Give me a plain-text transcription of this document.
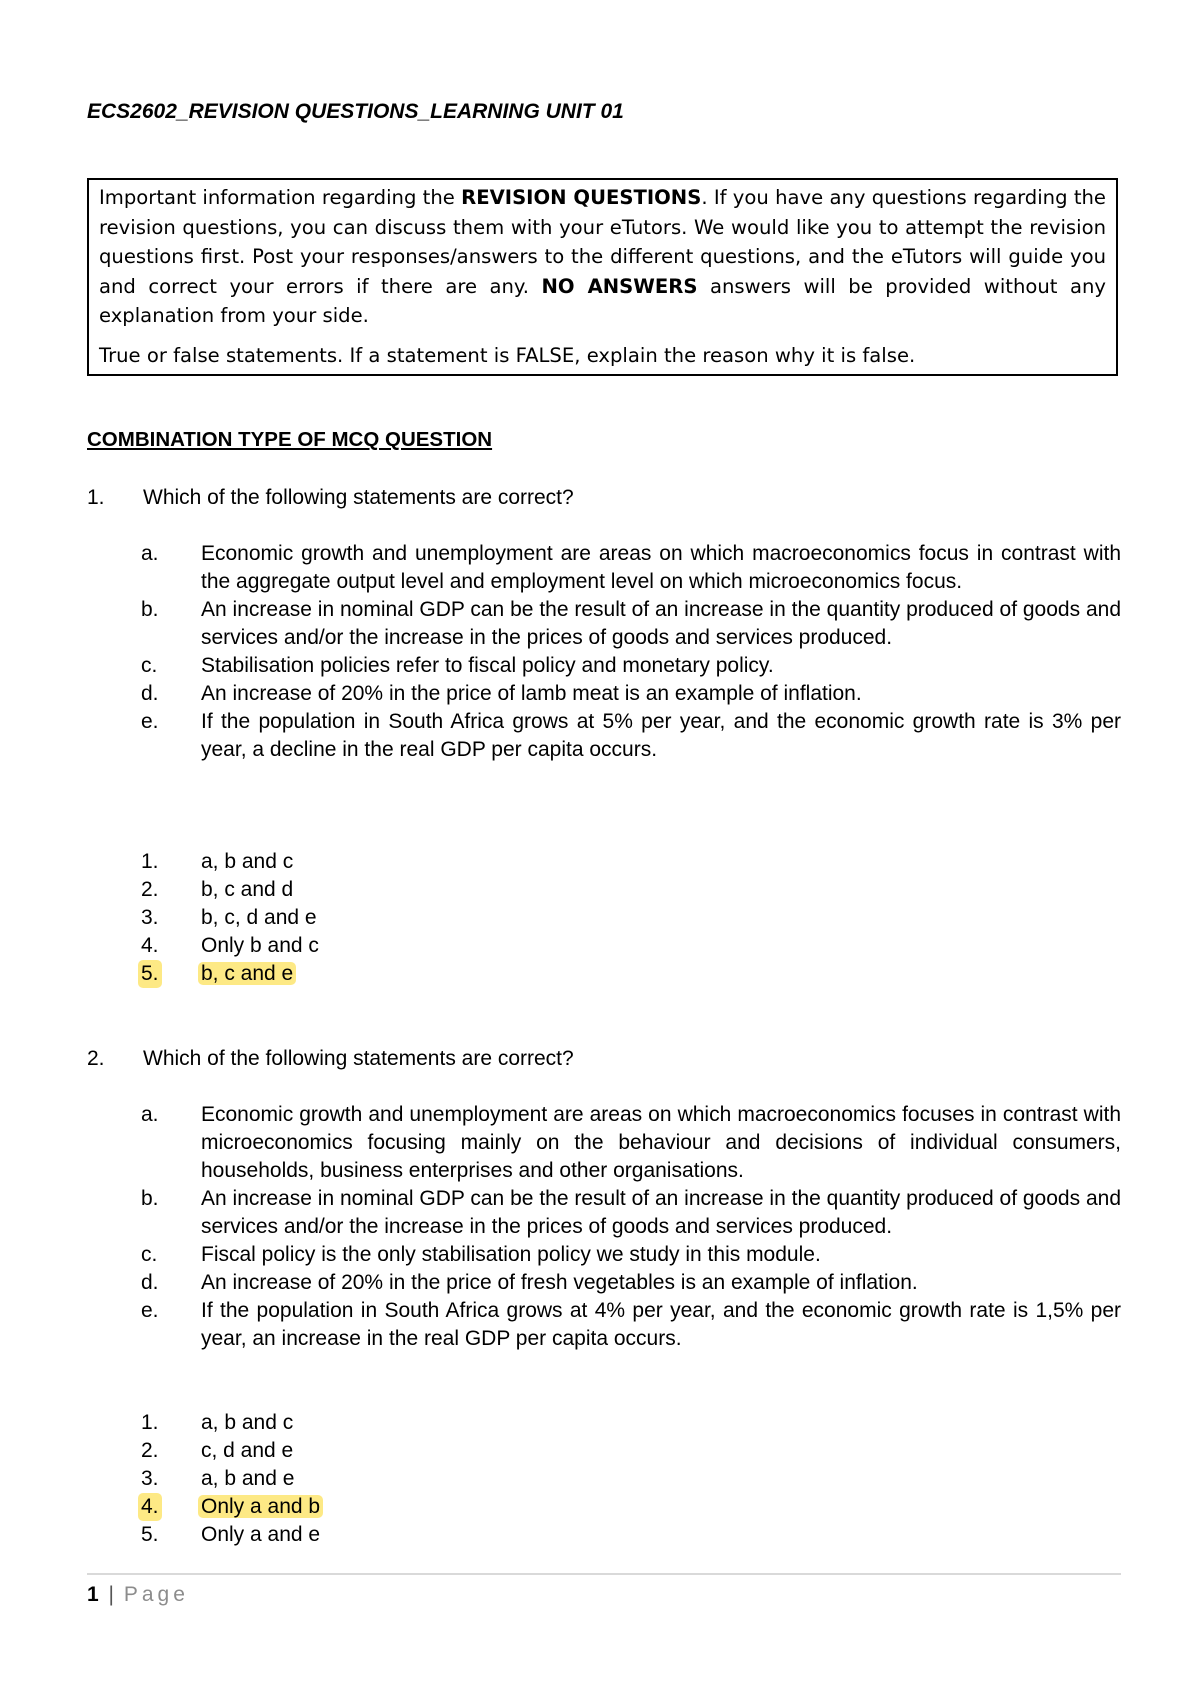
ECS2602_REVISION QUESTIONS_LEARNING UNIT 01

Important information regarding the REVISION QUESTIONS. If you have any questions regarding the revision questions, you can discuss them with your eTutors. We would like you to attempt the revision questions first. Post your responses/answers to the different questions, and the eTutors will guide you and correct your errors if there are any. NO ANSWERS answers will be provided without any explanation from your side.

True or false statements. If a statement is FALSE, explain the reason why it is false.

COMBINATION TYPE OF MCQ QUESTION
1. Which of the following statements are correct?
a. Economic growth and unemployment are areas on which macroeconomics focus in contrast with the aggregate output level and employment level on which microeconomics focus.
b. An increase in nominal GDP can be the result of an increase in the quantity produced of goods and services and/or the increase in the prices of goods and services produced.
c. Stabilisation policies refer to fiscal policy and monetary policy.
d. An increase of 20% in the price of lamb meat is an example of inflation.
e. If the population in South Africa grows at 5% per year, and the economic growth rate is 3% per year, a decline in the real GDP per capita occurs.
1. a, b and c
2. b, c and d
3. b, c, d and e
4. Only b and c
5. b, c and e
2. Which of the following statements are correct?
a. Economic growth and unemployment are areas on which macroeconomics focuses in contrast with microeconomics focusing mainly on the behaviour and decisions of individual consumers, households, business enterprises and other organisations.
b. An increase in nominal GDP can be the result of an increase in the quantity produced of goods and services and/or the increase in the prices of goods and services produced.
c. Fiscal policy is the only stabilisation policy we study in this module.
d. An increase of 20% in the price of fresh vegetables is an example of inflation.
e. If the population in South Africa grows at 4% per year, and the economic growth rate is 1,5% per year, an increase in the real GDP per capita occurs.
1. a, b and c
2. c, d and e
3. a, b and e
4. Only a and b
5. Only a and e
1 | Page
